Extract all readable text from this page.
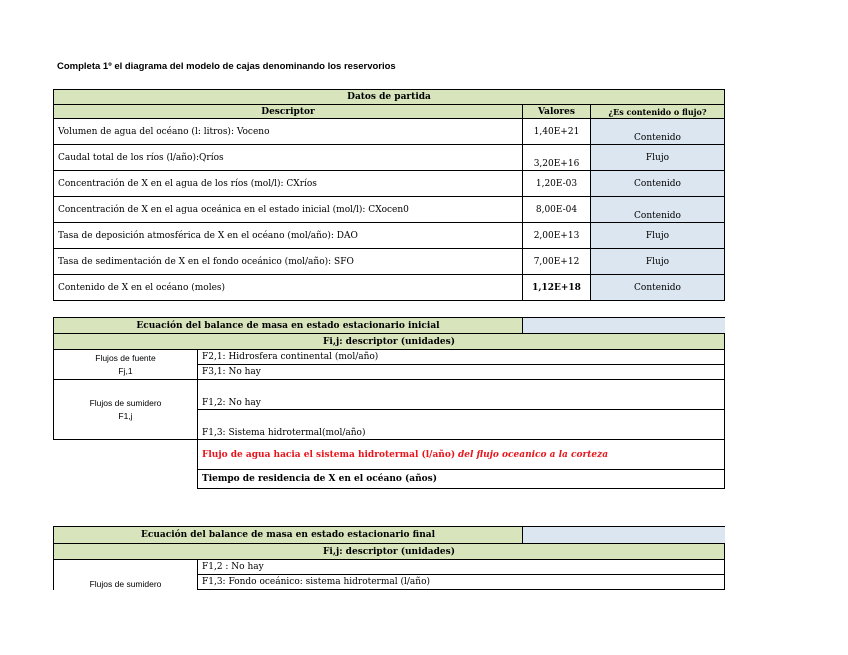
Completa 1º el diagrama del modelo de cajas denominando los reservorios
Datos de partida		
Descriptor	Valores	¿Es contenido o flujo?
Volumen de agua del océano (l: litros): Voceno	1,40E+21	Contenido
Caudal total de los ríos (l/año):Qríos	3,20E+16	Flujo
Concentración de X en el agua de los ríos (mol/l): CXríos	1,20E-03	Contenido
Concentración de X en el agua oceánica en el estado inicial (mol/l): CXocen0	8,00E-04	Contenido
Tasa de deposición atmosférica de X en el océano (mol/año): DAO	2,00E+13	Flujo
Tasa de sedimentación de X en el fondo oceánico (mol/año): SFO	7,00E+12	Flujo
Contenido de X en el océano (moles)	1,12E+18	Contenido
Ecuación del balance de masa en estado estacionario inicial		
Fi,j: descriptor (unidades)		

Flujos de fuente
Fj,1	F2,1: Hidrosfera continental (mol/año)	
	F3,1: No hay	

Flujos de sumidero
F1,j	F1,2: No hay	
	F1,3: Sistema hidrotermal(mol/año)	
	Flujo de agua hacia el sistema hidrotermal (l/año) del flujo oceanico a la corteza	
	Tiempo de residencia de X en el océano (años)	
Ecuación del balance de masa en estado estacionario final		
Fi,j: descriptor (unidades)		
Flujos de sumidero	F1,2 : No hay	
	F1,3: Fondo oceánico: sistema hidrotermal (l/año)	
